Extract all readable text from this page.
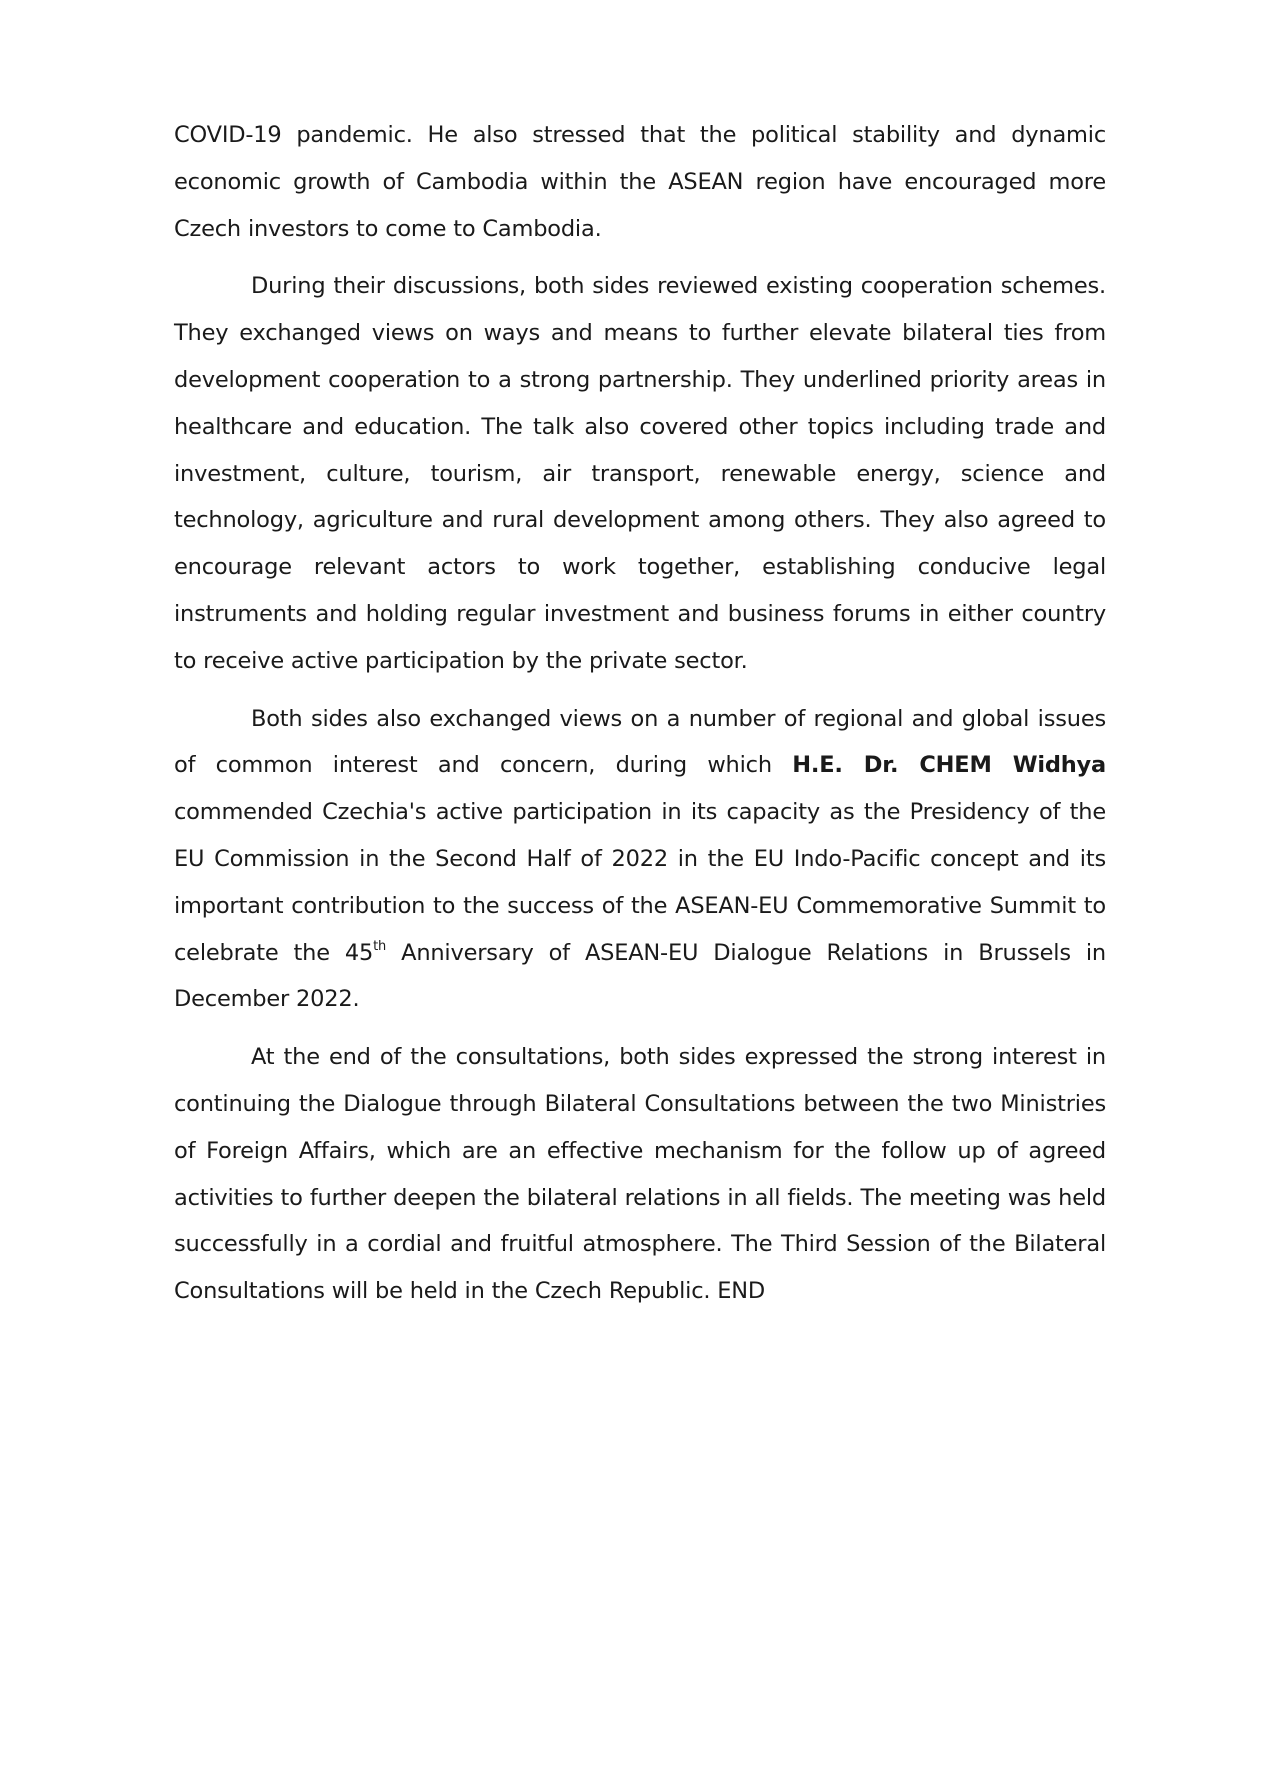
COVID-19 pandemic. He also stressed that the political stability and dynamic economic growth of Cambodia within the ASEAN region have encouraged more Czech investors to come to Cambodia.

During their discussions, both sides reviewed existing cooperation schemes. They exchanged views on ways and means to further elevate bilateral ties from development cooperation to a strong partnership. They underlined priority areas in healthcare and education. The talk also covered other topics including trade and investment, culture, tourism, air transport, renewable energy, science and technology, agriculture and rural development among others. They also agreed to encourage relevant actors to work together, establishing conducive legal instruments and holding regular investment and business forums in either country to receive active participation by the private sector.

Both sides also exchanged views on a number of regional and global issues of common interest and concern, during which H.E. Dr. CHEM Widhya commended Czechia's active participation in its capacity as the Presidency of the EU Commission in the Second Half of 2022 in the EU Indo-Pacific concept and its important contribution to the success of the ASEAN-EU Commemorative Summit to celebrate the 45th Anniversary of ASEAN-EU Dialogue Relations in Brussels in December 2022.

At the end of the consultations, both sides expressed the strong interest in continuing the Dialogue through Bilateral Consultations between the two Ministries of Foreign Affairs, which are an effective mechanism for the follow up of agreed activities to further deepen the bilateral relations in all fields. The meeting was held successfully in a cordial and fruitful atmosphere. The Third Session of the Bilateral Consultations will be held in the Czech Republic. END
